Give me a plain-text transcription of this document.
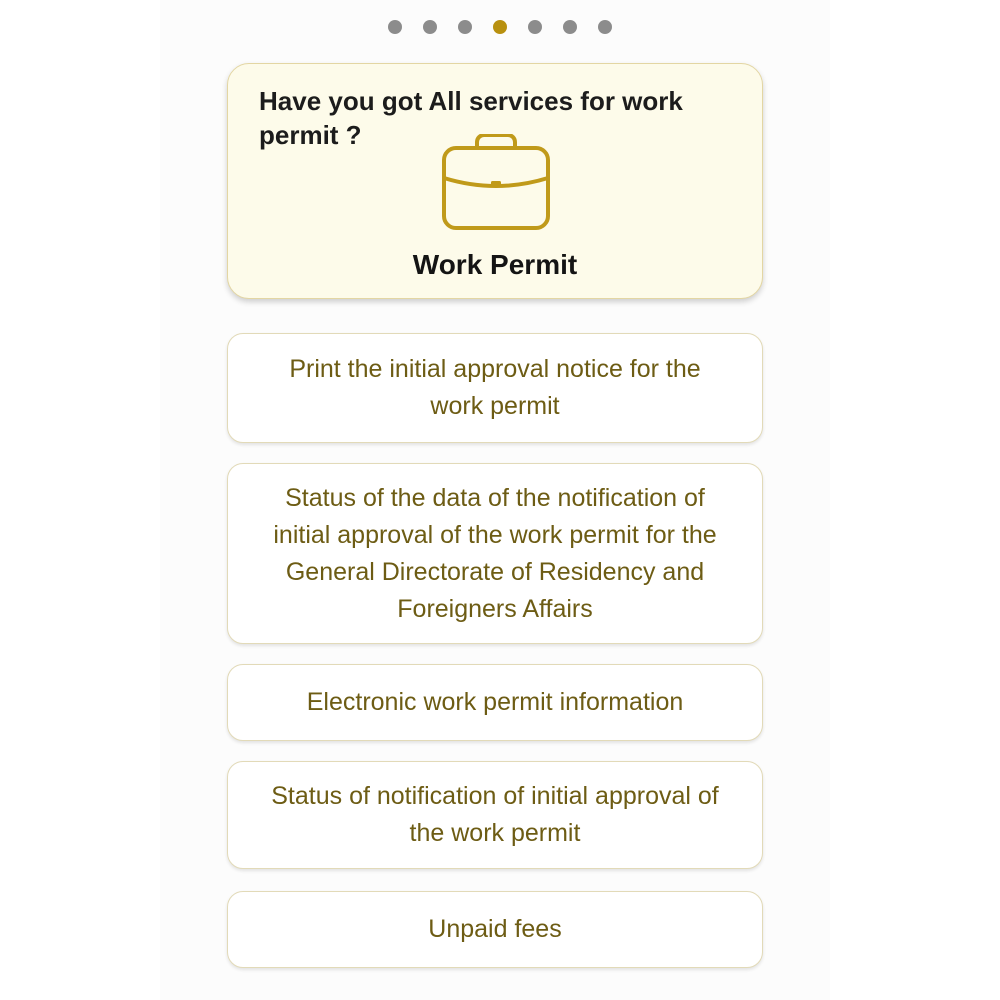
Have you got All services for work permit ?

Work Permit
Print the initial approval notice for the work permit
Status of the data of the notification of initial approval of the work permit for the General Directorate of Residency and Foreigners Affairs
Electronic work permit information
Status of notification of initial approval of the work permit
Unpaid fees
